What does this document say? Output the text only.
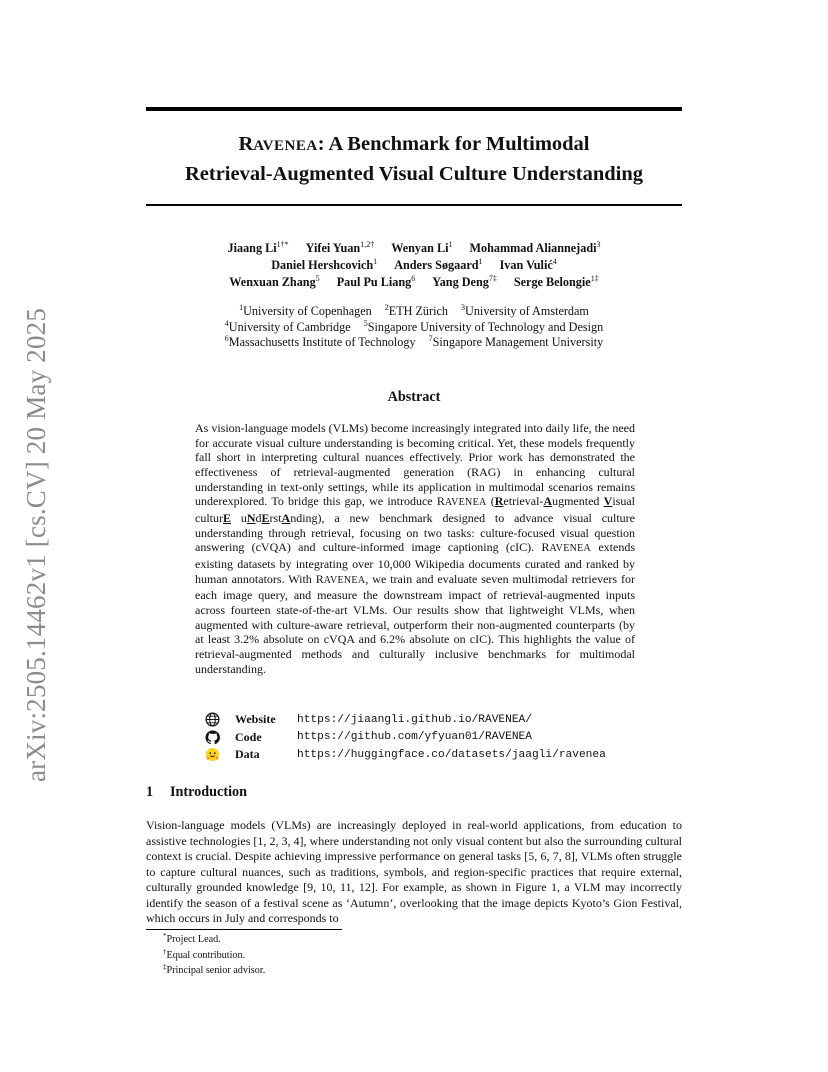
arXiv:2505.14462v1 [cs.CV] 20 May 2025
RAVENEA: A Benchmark for Multimodal
Retrieval-Augmented Visual Culture Understanding
Jiaang $Li^{1\dagger*}$ Yifei Yuan$^{1,2\dagger}$ Wenyan Li$^1$ Mohammad Aliannejadi$^3$
Daniel Hershcovich$^1$ Anders Søgaard$^1$ Ivan Vulić$^4$
Wenxuan Zhang$^5$ Paul Pu Liang$^6$ Yang Deng$^{7\ddagger}$ Serge Belongie$^{1\ddagger}$
$^1$University of Copenhagen $^2$ETH Zürich $^3$University of Amsterdam
$^4$University of Cambridge $^5$Singapore University of Technology and Design
$^6$Massachusetts Institute of Technology $^7$Singapore Management University
Abstract
As vision-language models (VLMs) become increasingly integrated into daily life, the need for accurate visual culture understanding is becoming critical. Yet, these models frequently fall short in interpreting cultural nuances effectively. Prior work has demonstrated the effectiveness of retrieval-augmented generation (RAG) in enhancing cultural understanding in text-only settings, while its application in multimodal scenarios remains underexplored. To bridge this gap, we introduce RAVENEA (Retrieval-Augmented Visual culturE uNdErstAnding), a new benchmark designed to advance visual culture understanding through retrieval, focusing on two tasks: culture-focused visual question answering (cVQA) and culture-informed image captioning (cIC). RAVENEA extends existing datasets by integrating over 10,000 Wikipedia documents curated and ranked by human annotators. With RAVENEA, we train and evaluate seven multimodal retrievers for each image query, and measure the downstream impact of retrieval-augmented inputs across fourteen state-of-the-art VLMs. Our results show that lightweight VLMs, when augmented with culture-aware retrieval, outperform their non-augmented counterparts (by at least 3.2% absolute on cVQA and 6.2% absolute on cIC). This highlights the value of retrieval-augmented methods and culturally inclusive benchmarks for multimodal understanding.
Website	https://jiaangli.github.io/RAVENEA/
Code	https://github.com/yfyuan01/RAVENEA
Data	https://huggingface.co/datasets/jaagli/ravenea
1 Introduction
Vision-language models (VLMs) are increasingly deployed in real-world applications, from education to assistive technologies [1, 2, 3, 4], where understanding not only visual content but also the surrounding cultural context is crucial. Despite achieving impressive performance on general tasks [5, 6, 7, 8], VLMs often struggle to capture cultural nuances, such as traditions, symbols, and region-specific practices that require external, culturally grounded knowledge [9, 10, 11, 12]. For example, as shown in Figure 1, a VLM may incorrectly identify the season of a festival scene as ‘Autumn’, overlooking that the image depicts Kyoto’s Gion Festival, which occurs in July and corresponds to
*Project Lead.
†Equal contribution.
‡Principal senior advisor.
